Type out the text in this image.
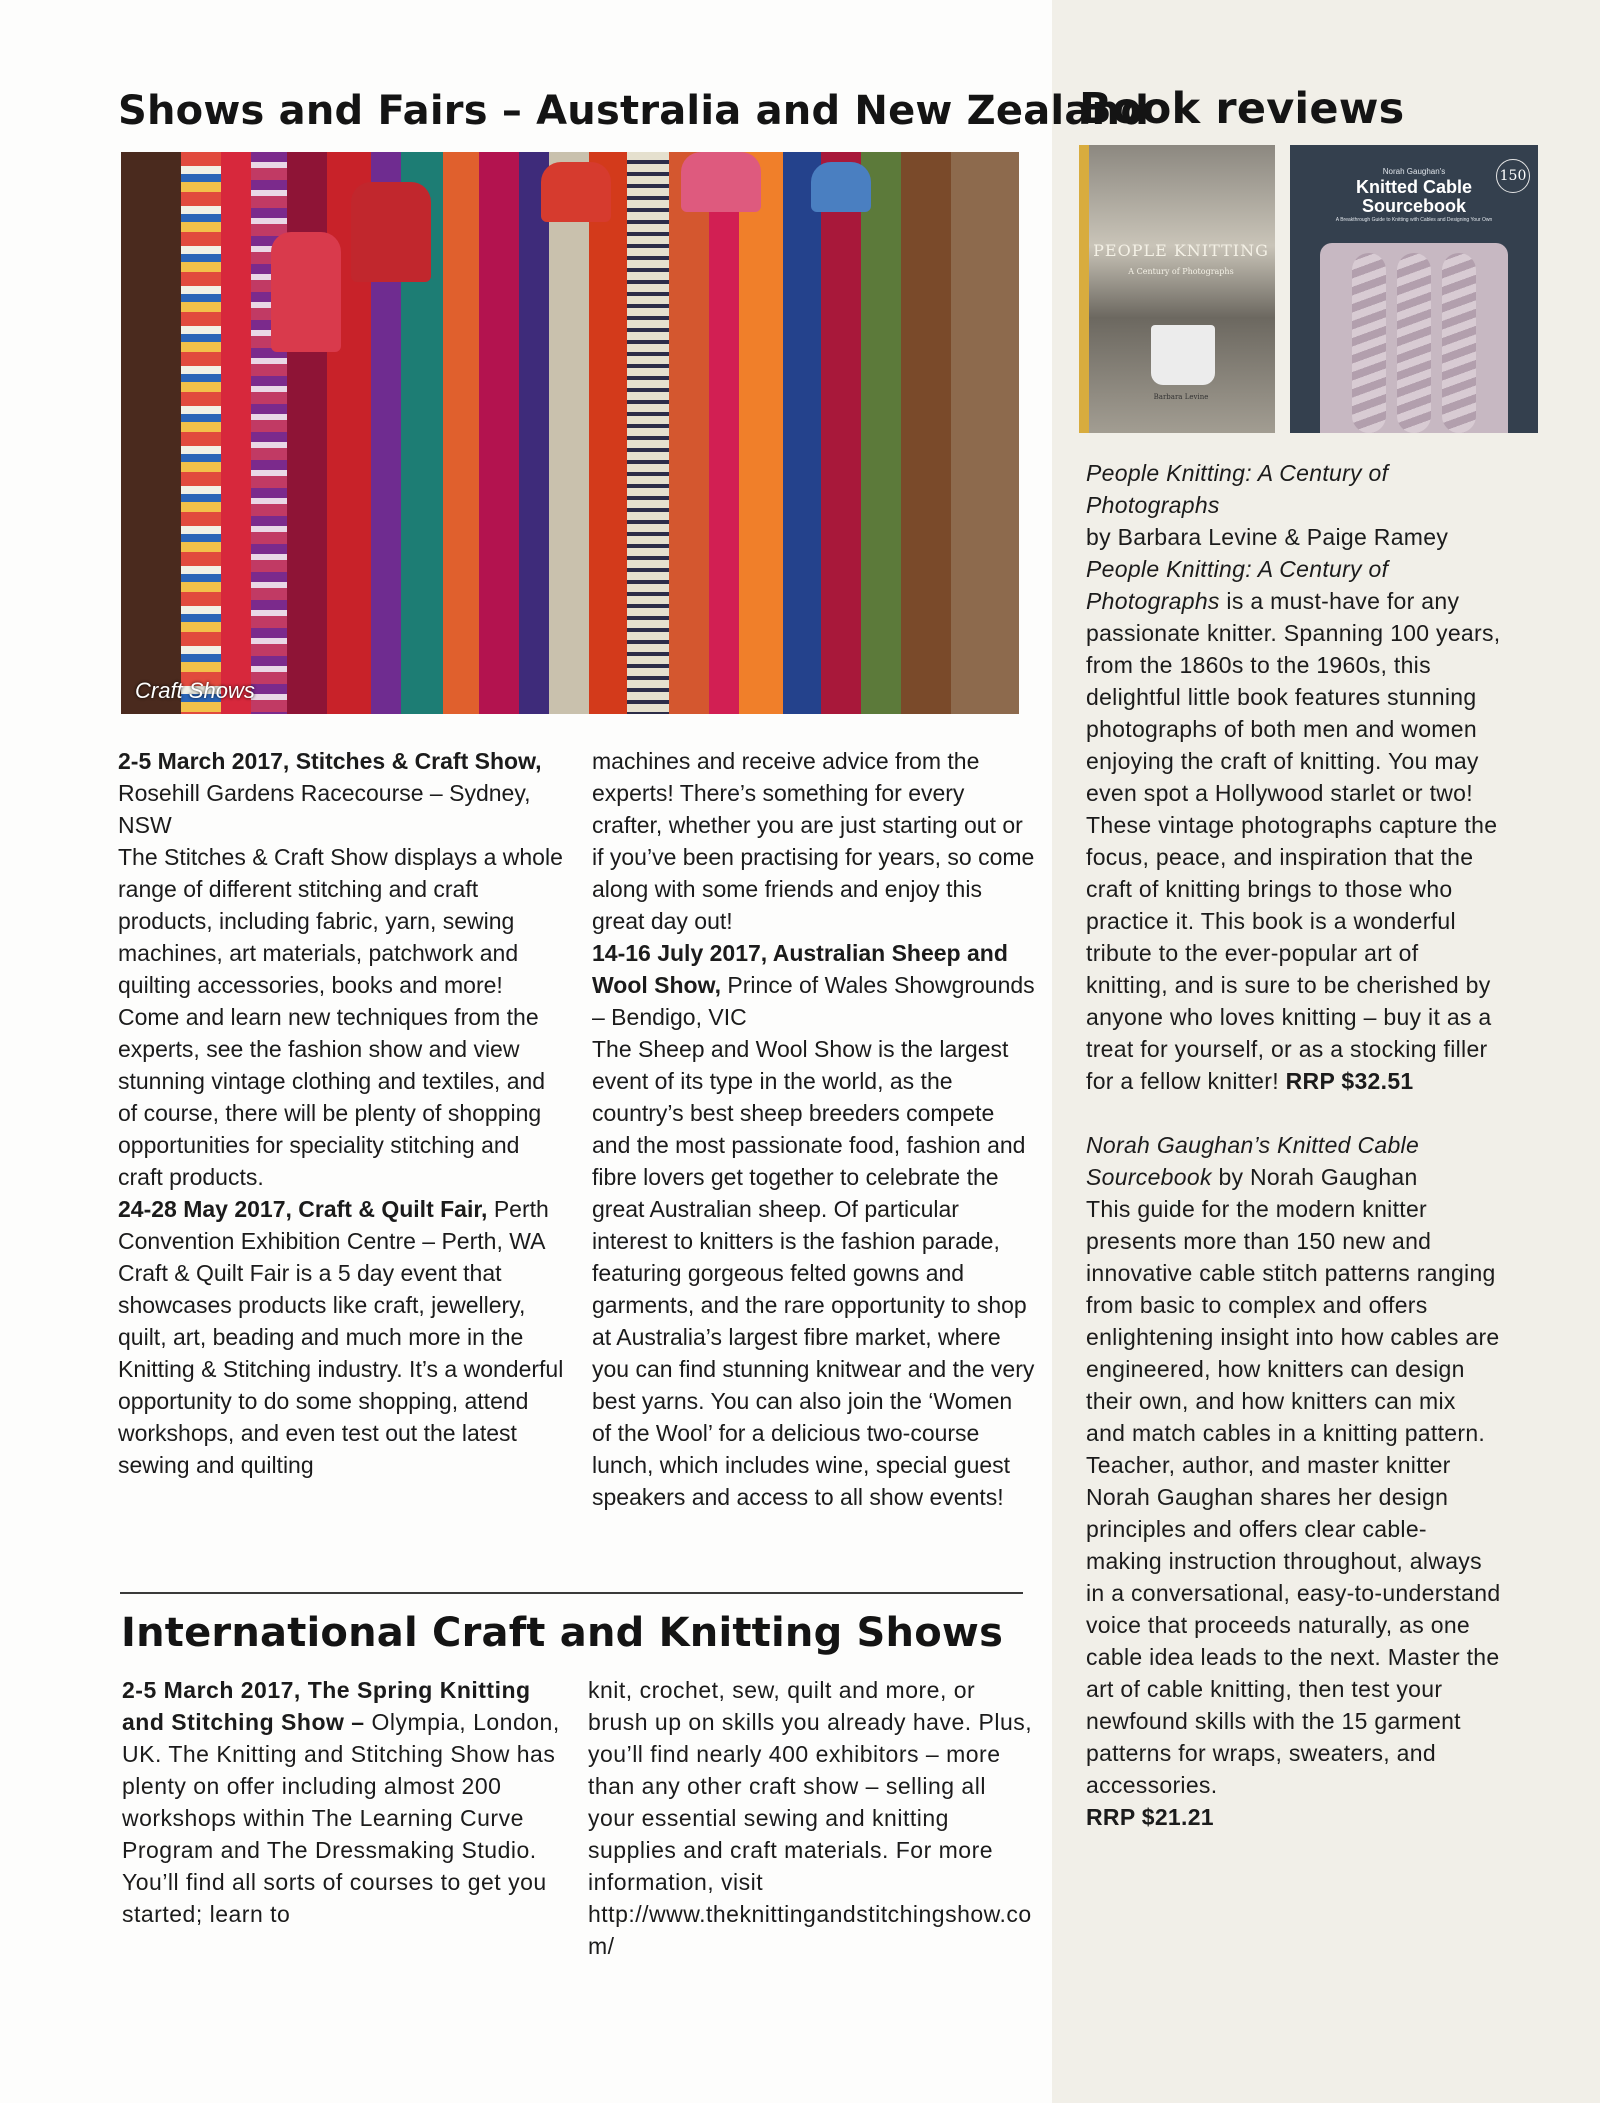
Shows and Fairs – Australia and New Zealand
Craft Shows

2-5 March 2017, Stitches & Craft Show, Rosehill Gardens Racecourse – Sydney, NSW

The Stitches & Craft Show displays a whole range of different stitching and craft products, including fabric, yarn, sewing machines, art materials, patchwork and quilting accessories, books and more! Come and learn new techniques from the experts, see the fashion show and view stunning vintage clothing and textiles, and of course, there will be plenty of shopping opportunities for speciality stitching and craft products.

24-28 May 2017, Craft & Quilt Fair, Perth Convention Exhibition Centre – Perth, WA

Craft & Quilt Fair is a 5 day event that showcases products like craft, jewellery, quilt, art, beading and much more in the Knitting & Stitching industry. It’s a wonderful opportunity to do some shopping, attend workshops, and even test out the latest sewing and quilting

machines and receive advice from the experts! There’s something for every crafter, whether you are just starting out or if you’ve been practising for years, so come along with some friends and enjoy this great day out!

14-16 July 2017, Australian Sheep and Wool Show, Prince of Wales Showgrounds – Bendigo, VIC

The Sheep and Wool Show is the largest event of its type in the world, as the country’s best sheep breeders compete and the most passionate food, fashion and fibre lovers get together to celebrate the great Australian sheep. Of particular interest to knitters is the fashion parade, featuring gorgeous felted gowns and garments, and the rare opportunity to shop at Australia’s largest fibre market, where you can find stunning knitwear and the very best yarns. You can also join the ‘Women of the Wool’ for a delicious two-course lunch, which includes wine, special guest speakers and access to all show events!

International Craft and Knitting Shows

2-5 March 2017, The Spring Knitting and Stitching Show – Olympia, London, UK. The Knitting and Stitching Show has plenty on offer including almost 200 workshops within The Learning Curve Program and The Dressmaking Studio. You’ll find all sorts of courses to get you started; learn to

knit, crochet, sew, quilt and more, or brush up on skills you already have. Plus, you’ll find nearly 400 exhibitors – more than any other craft show – selling all your essential sewing and knitting supplies and craft materials. For more information, visit http://www.theknittingandstitchingshow.com/

Book reviews
PEOPLE KNITTING
A Century of Photographs
Barbara Levine
Norah Gaughan's
Knitted Cable
Sourcebook
A Breakthrough Guide to Knitting with Cables and Designing Your Own
150

People Knitting: A Century of Photographs

by Barbara Levine & Paige Ramey

People Knitting: A Century of Photographs is a must-have for any passionate knitter. Spanning 100 years, from the 1860s to the 1960s, this delightful little book features stunning photographs of both men and women enjoying the craft of knitting. You may even spot a Hollywood starlet or two! These vintage photographs capture the focus, peace, and inspiration that the craft of knitting brings to those who practice it. This book is a wonderful tribute to the ever-popular art of knitting, and is sure to be cherished by anyone who loves knitting – buy it as a treat for yourself, or as a stocking filler for a fellow knitter! RRP $32.51

Norah Gaughan’s Knitted Cable Sourcebook by Norah Gaughan

This guide for the modern knitter presents more than 150 new and innovative cable stitch patterns ranging from basic to complex and offers enlightening insight into how cables are engineered, how knitters can design their own, and how knitters can mix and match cables in a knitting pattern. Teacher, author, and master knitter Norah Gaughan shares her design principles and offers clear cable-making instruction throughout, always in a conversational, easy-to-understand voice that proceeds naturally, as one cable idea leads to the next. Master the art of cable knitting, then test your newfound skills with the 15 garment patterns for wraps, sweaters, and accessories.

RRP $21.21
